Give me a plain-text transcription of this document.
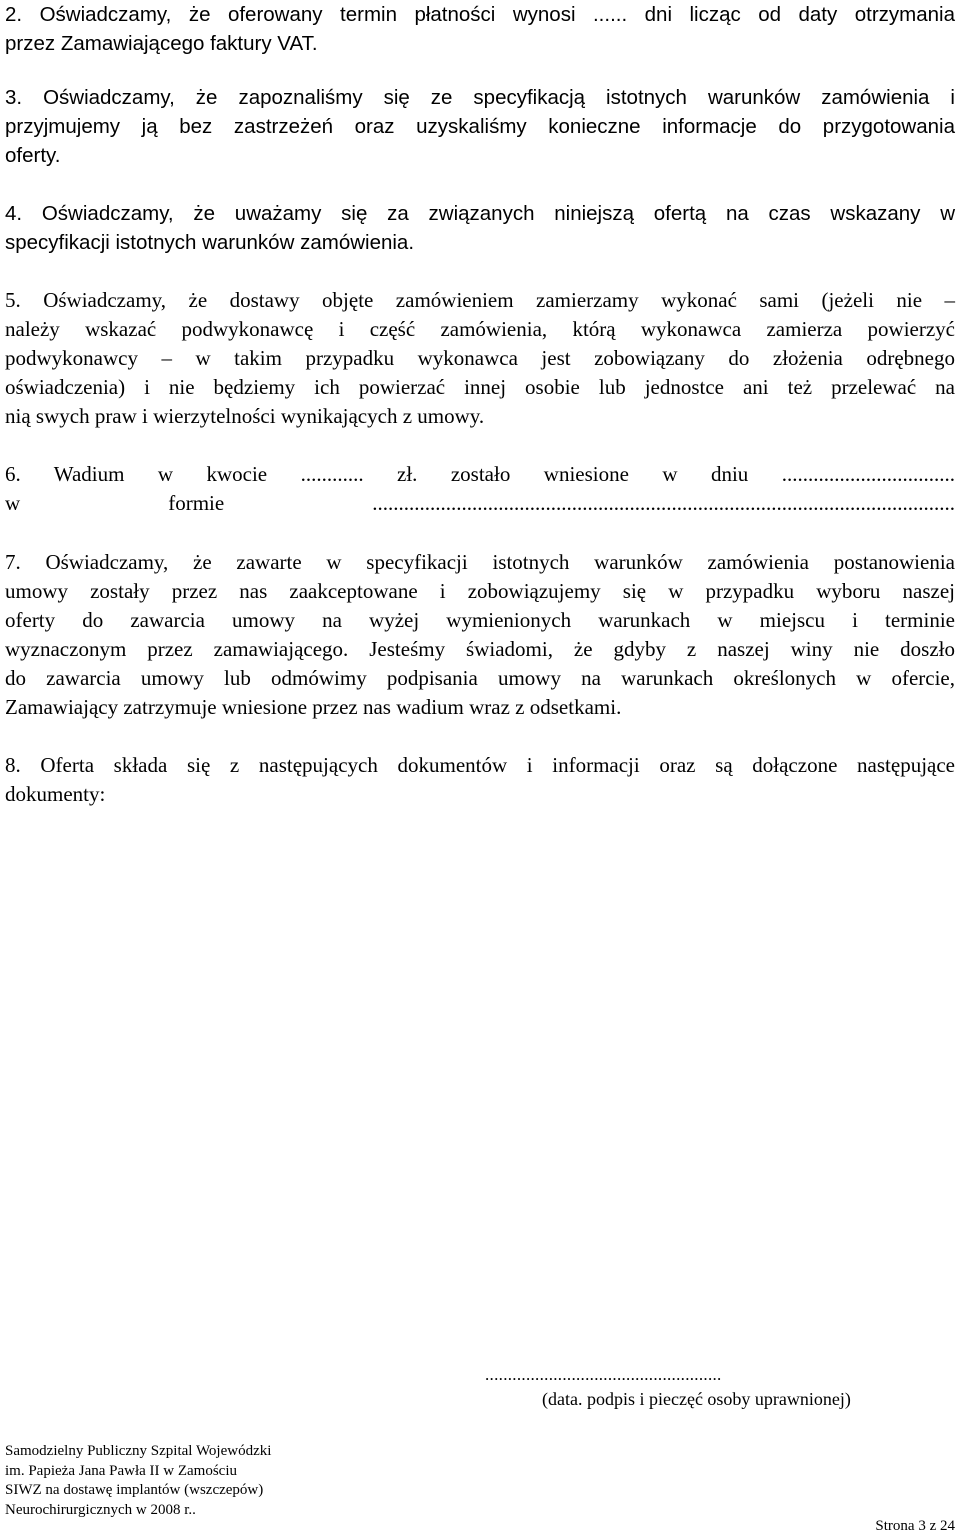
2. Oświadczamy, że oferowany termin płatności wynosi ...... dni licząc od daty otrzymania
przez Zamawiającego faktury VAT.
3. Oświadczamy, że zapoznaliśmy się ze specyfikacją istotnych warunków zamówienia i
przyjmujemy ją bez zastrzeżeń oraz uzyskaliśmy konieczne informacje do przygotowania
oferty.
4. Oświadczamy, że uważamy się za związanych niniejszą ofertą na czas wskazany w
specyfikacji istotnych warunków zamówienia.
5. Oświadczamy, że dostawy objęte zamówieniem zamierzamy wykonać sami (jeżeli nie –
należy wskazać podwykonawcę i część zamówienia, którą wykonawca zamierza powierzyć
podwykonawcy – w takim przypadku wykonawca jest zobowiązany do złożenia odrębnego
oświadczenia) i nie będziemy ich powierzać innej osobie lub jednostce ani też przelewać na
nią swych praw i wierzytelności wynikających z umowy.
6. Wadium w kwocie ............ zł. zostało wniesione w dniu .................................
w formie ...............................................................................................................
7. Oświadczamy, że zawarte w specyfikacji istotnych warunków zamówienia postanowienia
umowy zostały przez nas zaakceptowane i zobowiązujemy się w przypadku wyboru naszej
oferty do zawarcia umowy na wyżej wymienionych warunkach w miejscu i terminie
wyznaczonym przez zamawiającego. Jesteśmy świadomi, że gdyby z naszej winy nie doszło
do zawarcia umowy lub odmówimy podpisania umowy na warunkach określonych w ofercie,
Zamawiający zatrzymuje wniesione przez nas wadium wraz z odsetkami.
8. Oferta składa się z następujących dokumentów i informacji oraz są dołączone następujące
dokumenty:
....................................................
(data. podpis i pieczęć osoby uprawnionej)
Samodzielny Publiczny Szpital Wojewódzki
im. Papieża Jana Pawła II w Zamościu
SIWZ na dostawę implantów (wszczepów)
Neurochirurgicznych w 2008 r..
Strona 3 z 24
